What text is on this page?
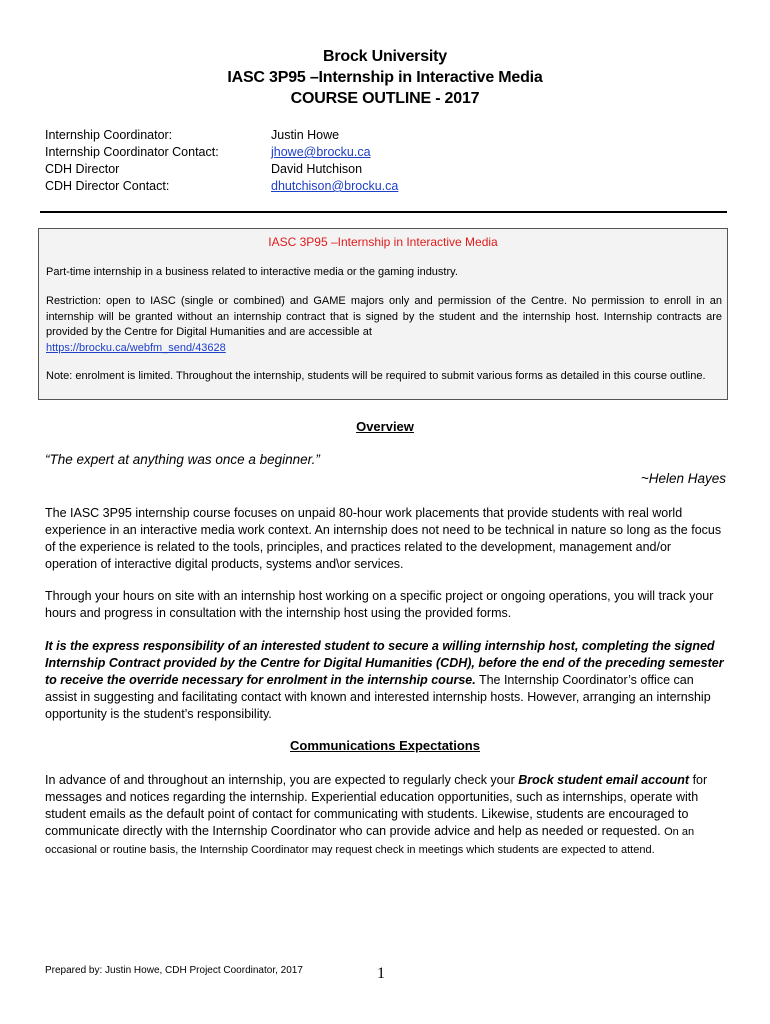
Brock University
IASC 3P95 –Internship in Interactive Media
COURSE OUTLINE - 2017
Internship Coordinator:	Justin Howe
Internship Coordinator Contact:	jhowe@brocku.ca
CDH Director	David Hutchison
CDH Director Contact:	dhutchison@brocku.ca
IASC 3P95 –Internship in Interactive Media

Part-time internship in a business related to interactive media or the gaming industry.

Restriction: open to IASC (single or combined) and GAME majors only and permission of the Centre. No permission to enroll in an internship will be granted without an internship contract that is signed by the student and the internship host. Internship contracts are provided by the Centre for Digital Humanities and are accessible at
https://brocku.ca/webfm_send/43628

Note: enrolment is limited. Throughout the internship, students will be required to submit various forms as detailed in this course outline.

Overview
“The expert at anything was once a beginner.”
~Helen Hayes

The IASC 3P95 internship course focuses on unpaid 80-hour work placements that provide students with real world experience in an interactive media work context. An internship does not need to be technical in nature so long as the focus of the experience is related to the tools, principles, and practices related to the development, management and/or operation of interactive digital products, systems and\or services.

Through your hours on site with an internship host working on a specific project or ongoing operations, you will track your hours and progress in consultation with the internship host using the provided forms.

It is the express responsibility of an interested student to secure a willing internship host, completing the signed Internship Contract provided by the Centre for Digital Humanities (CDH), before the end of the preceding semester to receive the override necessary for enrolment in the internship course. The Internship Coordinator’s office can assist in suggesting and facilitating contact with known and interested internship hosts. However, arranging an internship opportunity is the student’s responsibility.

Communications Expectations

In advance of and throughout an internship, you are expected to regularly check your Brock student email account for messages and notices regarding the internship. Experiential education opportunities, such as internships, operate with student emails as the default point of contact for communicating with students. Likewise, students are encouraged to communicate directly with the Internship Coordinator who can provide advice and help as needed or requested. On an occasional or routine basis, the Internship Coordinator may request check in meetings which students are expected to attend.

Prepared by: Justin Howe, CDH Project Coordinator, 2017	1
